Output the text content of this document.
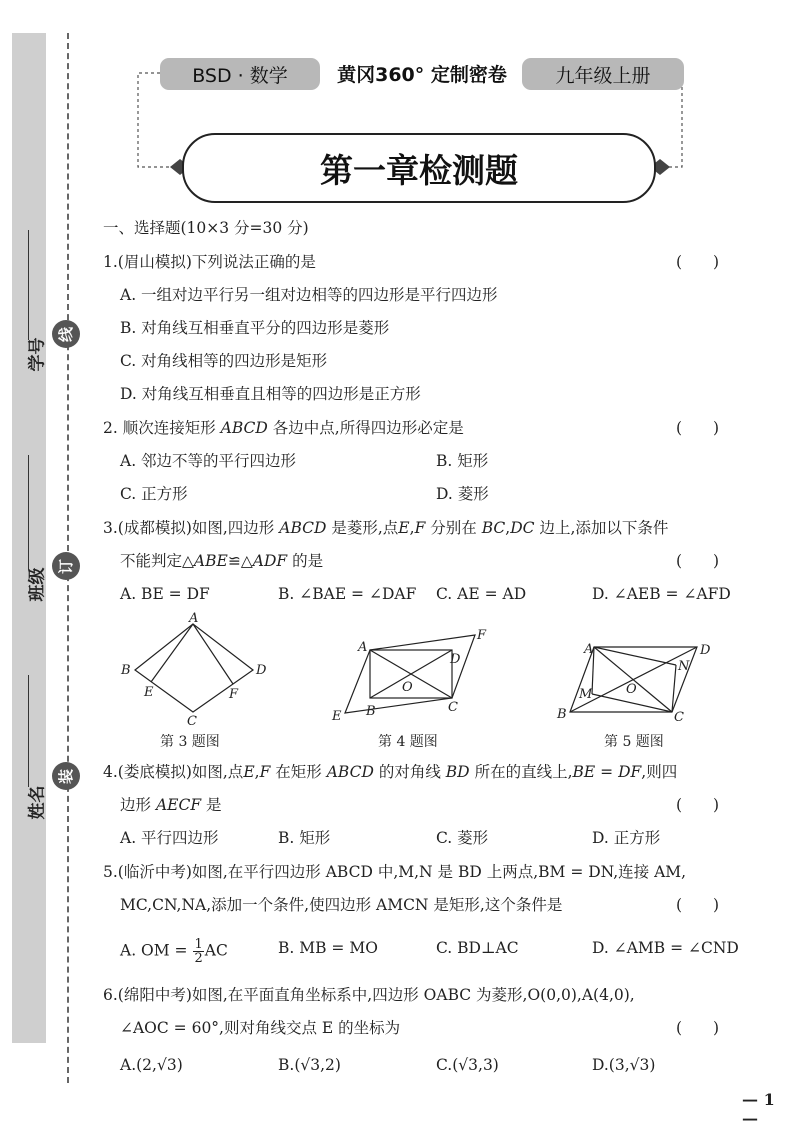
学号
班级
姓名
线
订
装
BSD · 数学	黄冈360° 定制密卷	九年级上册
第一章检测题
一、选择题(10×3 分=30 分)
1.(眉山模拟)下列说法正确的是	(　　)
A. 一组对边平行另一组对边相等的四边形是平行四边形
B. 对角线互相垂直平分的四边形是菱形
C. 对角线相等的四边形是矩形
D. 对角线互相垂直且相等的四边形是正方形
2. 顺次连接矩形 ABCD 各边中点,所得四边形必定是	(　　)
A. 邻边不等的平行四边形	B. 矩形
C. 正方形	D. 菱形
3.(成都模拟)如图,四边形 ABCD 是菱形,点E,F 分别在 BC,DC 边上,添加以下条件
不能判定△ABE≌△ADF 的是	(　　)
A. BE = DF	B. ∠BAE = ∠DAF C. AE = AD	D. ∠AEB = ∠AFD
A
B
C
D
E	F
A
B	C
D
E
F
O
A
B	C
D
M
N
O
第 3 题图	第 4 题图	第 5 题图
4.(娄底模拟)如图,点E,F 在矩形 ABCD 的对角线 BD 所在的直线上,BE = DF,则四
边形 AECF 是	(　　)
A. 平行四边形	B. 矩形	C. 菱形	D. 正方形
5.(临沂中考)如图,在平行四边形 ABCD 中,M,N 是 BD 上两点,BM = DN,连接 AM,
MC,CN,NA,添加一个条件,使四边形 AMCN 是矩形,这个条件是	(　　)
A. OM = $\frac{1}{2}$ AC	B. MB = MO	C. BD⊥AC	D. ∠AMB = ∠CND
6.(绵阳中考)如图,在平面直角坐标系中,四边形 OABC 为菱形,O(0,0),A(4,0),
∠AOC = 60°,则对角线交点 E 的坐标为	(　　)
A.(2,√3)	B.(√3,2)	C.(√3,3)	D.(3,√3)
— 1 —
